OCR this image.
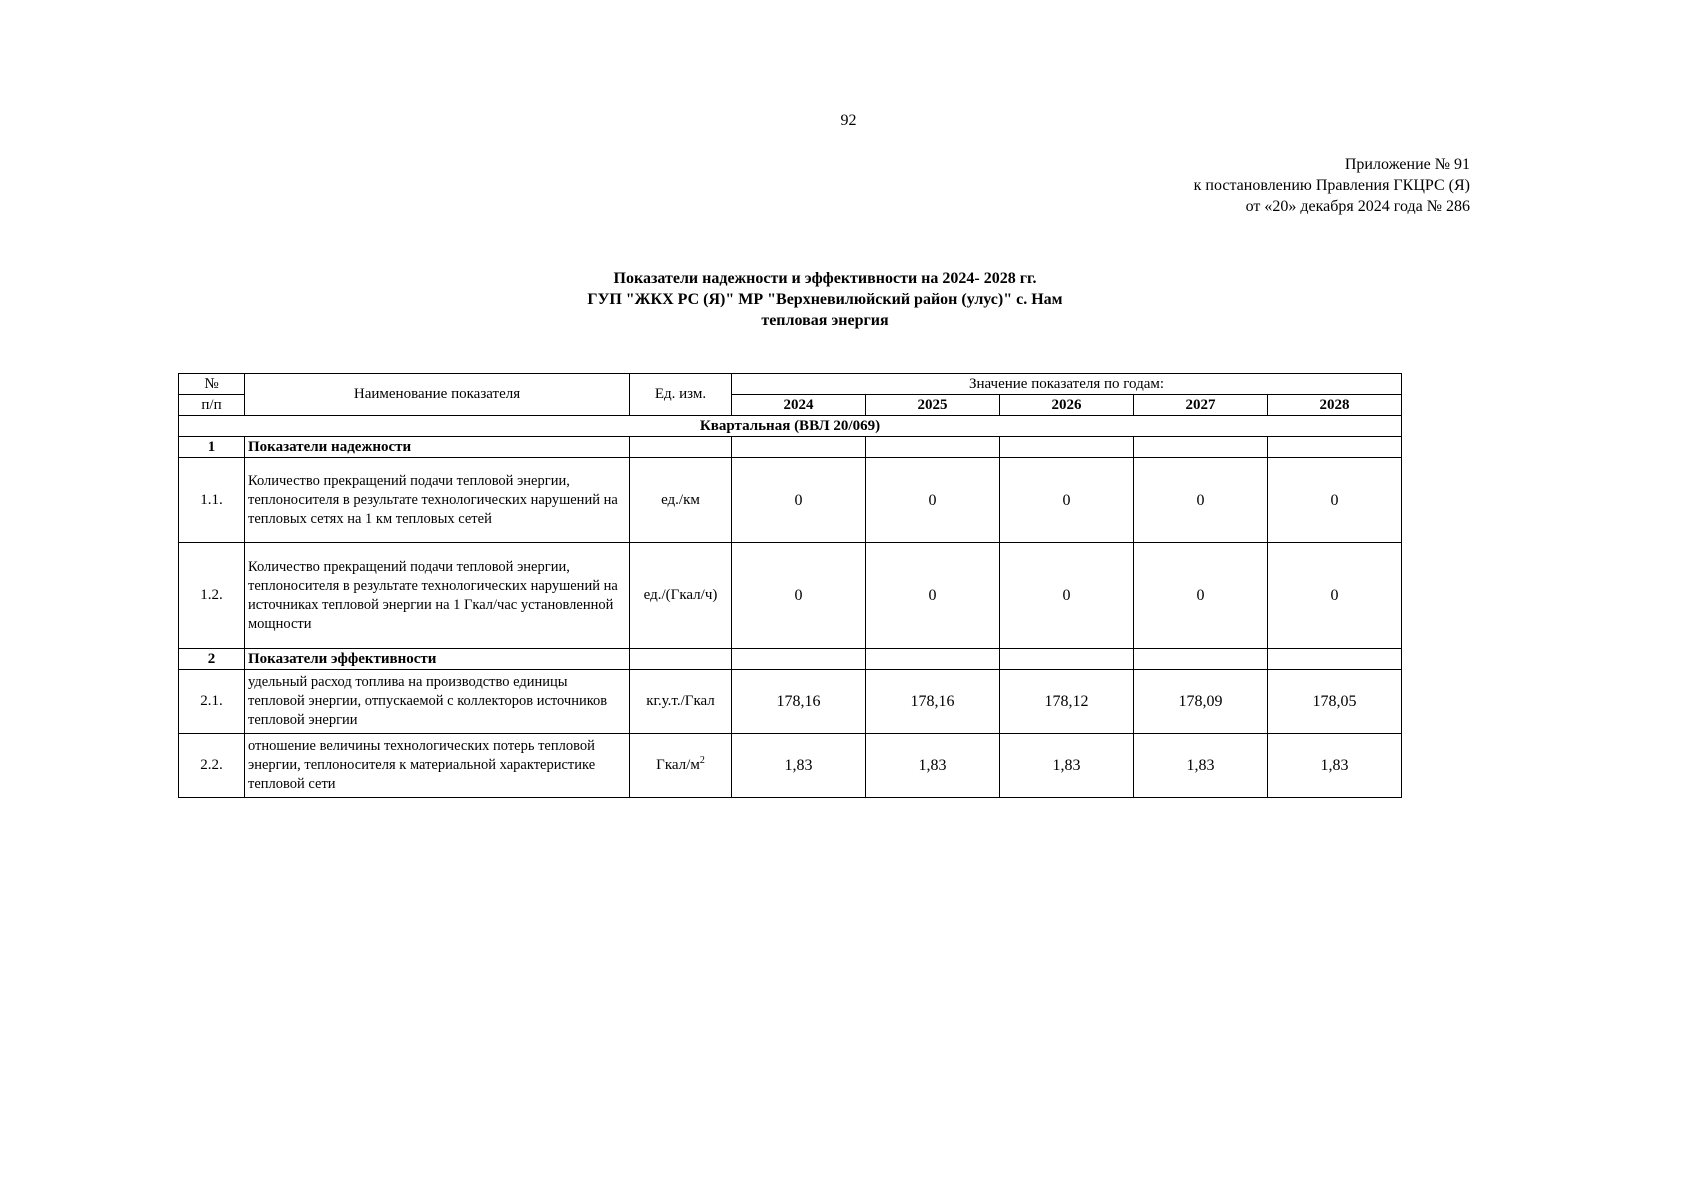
92
Приложение № 91
к постановлению Правления ГКЦРС (Я)
от «20» декабря 2024 года № 286
Показатели надежности и эффективности на 2024- 2028 гг.
ГУП "ЖКХ РС (Я)" МР "Верхневилюйский район (улус)" с. Нам
тепловая энергия
№	Наименование показателя	Ед. изм.	Значение показателя по годам:				
п/п			2024	2025	2026	2027	2028
Квартальная (ВВЛ 20/069)							
1	Показатели надежности						
1.1.	Количество прекращений подачи тепловой энергии, теплоносителя в результате технологических нарушений на тепловых сетях на 1 км тепловых сетей	ед./км	0	0	0	0	0
1.2.	Количество прекращений подачи тепловой энергии, теплоносителя в результате технологических нарушений на источниках тепловой энергии на 1 Гкал/час установленной мощности	ед./(Гкал/ч)	0	0	0	0	0
2	Показатели эффективности						
2.1.	удельный расход топлива на производство единицы тепловой энергии, отпускаемой с коллекторов источников тепловой энергии	кг.у.т./Гкал	178,16	178,16	178,12	178,09	178,05
2.2.	отношение величины технологических потерь тепловой энергии, теплоносителя к материальной характеристике тепловой сети	Гкал/$м^2$	1,83	1,83	1,83	1,83	1,83
